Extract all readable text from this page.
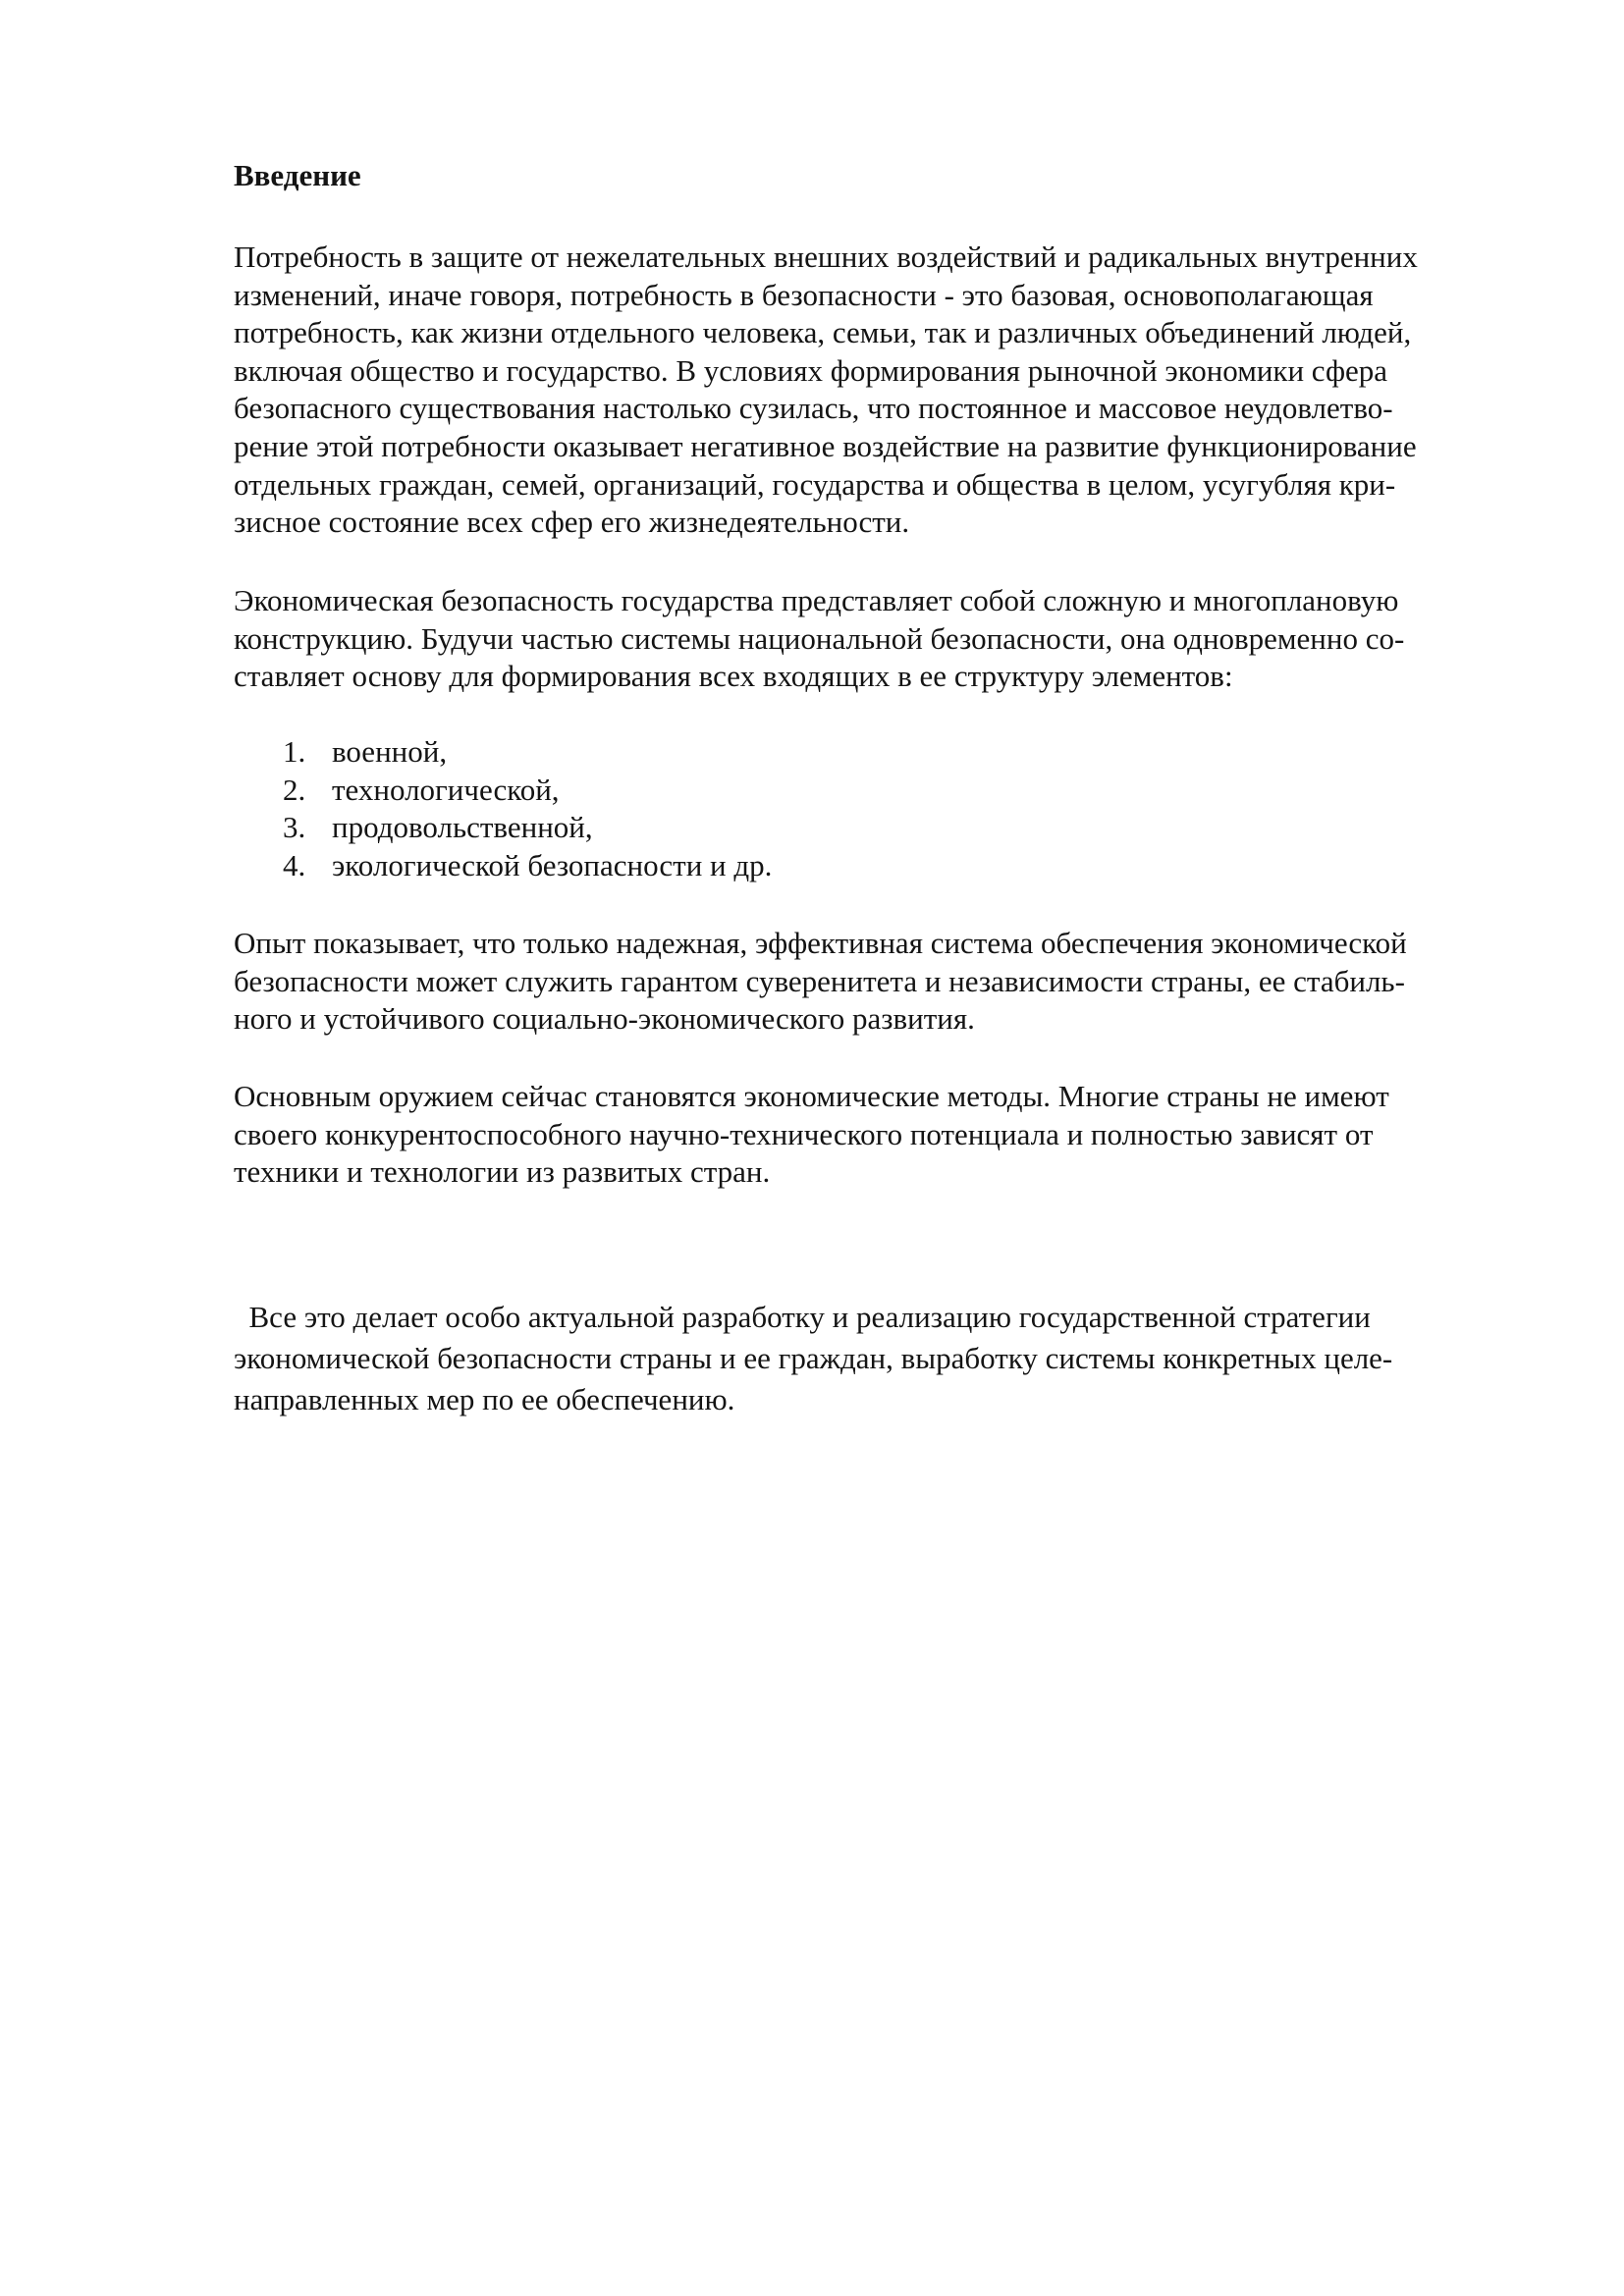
Введение

Потребность в защите от нежелательных внешних воздействий и радикальных внутренних
изменений, иначе говоря, потребность в безопасности - это базовая, основополагающая
потребность, как жизни отдельного человека, семьи, так и различных объединений людей,
включая общество и государство. В условиях формирования рыночной экономики сфера
безопасного существования настолько сузилась, что постоянное и массовое неудовлетво-
рение этой потребности оказывает негативное воздействие на развитие функционирование
отдельных граждан, семей, организаций, государства и общества в целом, усугубляя кри-
зисное состояние всех сфер его жизнедеятельности.

Экономическая безопасность государства представляет собой сложную и многоплановую
конструкцию. Будучи частью системы национальной безопасности, она одновременно со-
ставляет основу для формирования всех входящих в ее структуру элементов:

1. военной,
2. технологической,
3. продовольственной,
4. экологической безопасности и др.

Опыт показывает, что только надежная, эффективная система обеспечения экономической
безопасности может служить гарантом суверенитета и независимости страны, ее стабиль-
ного и устойчивого социально-экономического развития.

Основным оружием сейчас становятся экономические методы. Многие страны не имеют
своего конкурентоспособного научно-технического потенциала и полностью зависят от
техники и технологии из развитых стран.

Все это делает особо актуальной разработку и реализацию государственной стратегии
экономической безопасности страны и ее граждан, выработку системы конкретных целе-
направленных мер по ее обеспечению.
